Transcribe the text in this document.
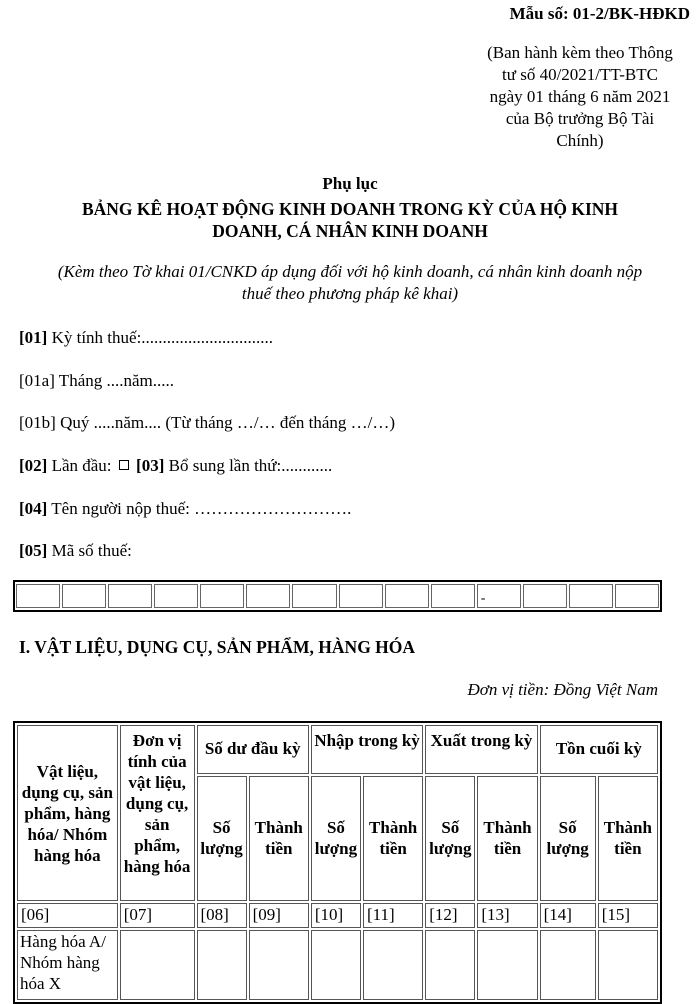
Mẫu số: 01-2/BK-HĐKD
(Ban hành kèm theo Thông
tư số 40/2021/TT-BTC
ngày 01 tháng 6 năm 2021
của Bộ trưởng Bộ Tài
Chính)
Phụ lục
BẢNG KÊ HOẠT ĐỘNG KINH DOANH TRONG KỲ CỦA HỘ KINH
DOANH, CÁ NHÂN KINH DOANH
(Kèm theo Tờ khai 01/CNKD áp dụng đối với hộ kinh doanh, cá nhân kinh doanh nộp
thuế theo phương pháp kê khai)
[01] Kỳ tính thuế:...............................
[01a] Tháng ....năm.....
[01b] Quý .....năm.... (Từ tháng …/… đến tháng …/…)
[02] Lần đầu: [03] Bổ sung lần thứ:............
[04] Tên người nộp thuế: ……………………….
[05] Mã số thuế:
-
I. VẬT LIỆU, DỤNG CỤ, SẢN PHẨM, HÀNG HÓA
Đơn vị tiền: Đồng Việt Nam
Vật liệu, dụng cụ, sản phẩm, hàng hóa/ Nhóm hàng hóa	Đơn vị tính của vật liệu, dụng cụ, sản phẩm, hàng hóa	Số dư đầu kỳ		Nhập trong kỳ		Xuất trong kỳ		Tồn cuối kỳ	
		Số lượng	Thành tiền	Số lượng	Thành tiền	Số lượng	Thành tiền	Số lượng	Thành tiền
[06]	[07]	[08]	[09]	[10]	[11]	[12]	[13]	[14]	[15]
Hàng hóa A/ Nhóm hàng hóa X									
